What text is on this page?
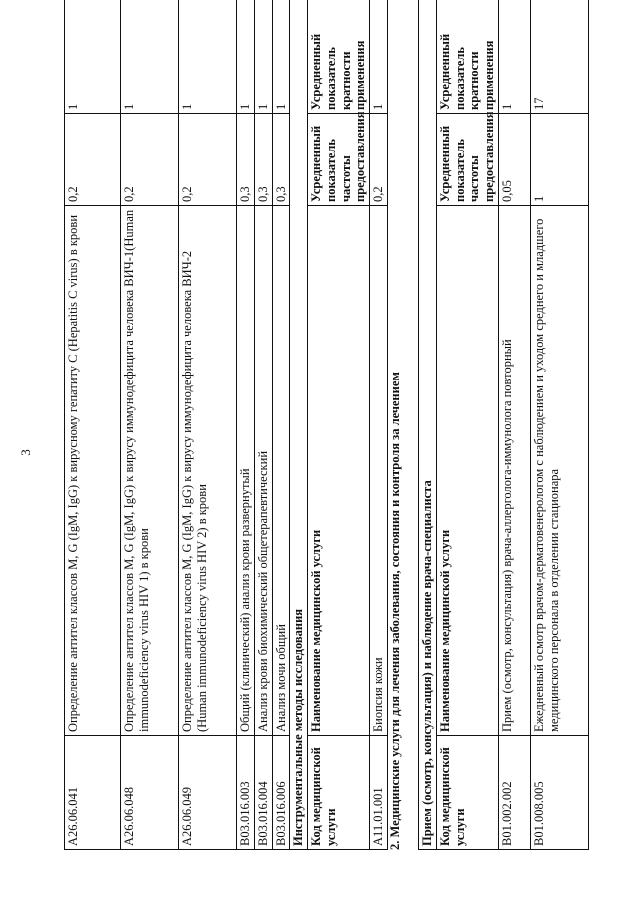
3
A26.06.041	Определение антител классов M, G (IgM, IgG) к вирусному гепатиту C (Hepatitis C virus) в крови	0,2	1
A26.06.048	Определение антител классов M, G (IgM, IgG) к вирусу иммунодефицита человека ВИЧ-1(Human immunodeficiency virus HIV 1) в крови	0,2	1
A26.06.049	Определение антител классов M, G (IgM, IgG) к вирусу иммунодефицита человека ВИЧ-2 (Human immunodeficiency virus HIV 2) в крови	0,2	1
B03.016.003	Общий (клинический) анализ крови развернутый	0,3	1
B03.016.004	Анализ крови биохимический общетерапевтический	0,3	1
B03.016.006	Анализ мочи общий	0,3	1
Инструментальные методы исследования			
Код медицинской услуги	Наименование медицинской услуги	Усредненный показатель частоты предоставления	Усредненный показатель кратности применения
A11.01.001	Биопсия кожи	0,2	1
2. Медицинские услуги для лечения заболевания, состояния и контроля за лечением Прием (осмотр, консультация) и наблюдение врача-специалиста			
Код медицинской услуги	Наименование медицинской услуги	Усредненный показатель частоты предоставления	Усредненный показатель кратности применения
B01.002.002	Прием (осмотр, консультация) врача-аллерголога-иммунолога повторный	0,05	1
B01.008.005	Ежедневный осмотр врачом-дерматовенерологом с наблюдением и уходом среднего и младшего медицинского персонала в отделении стационара	1	17
